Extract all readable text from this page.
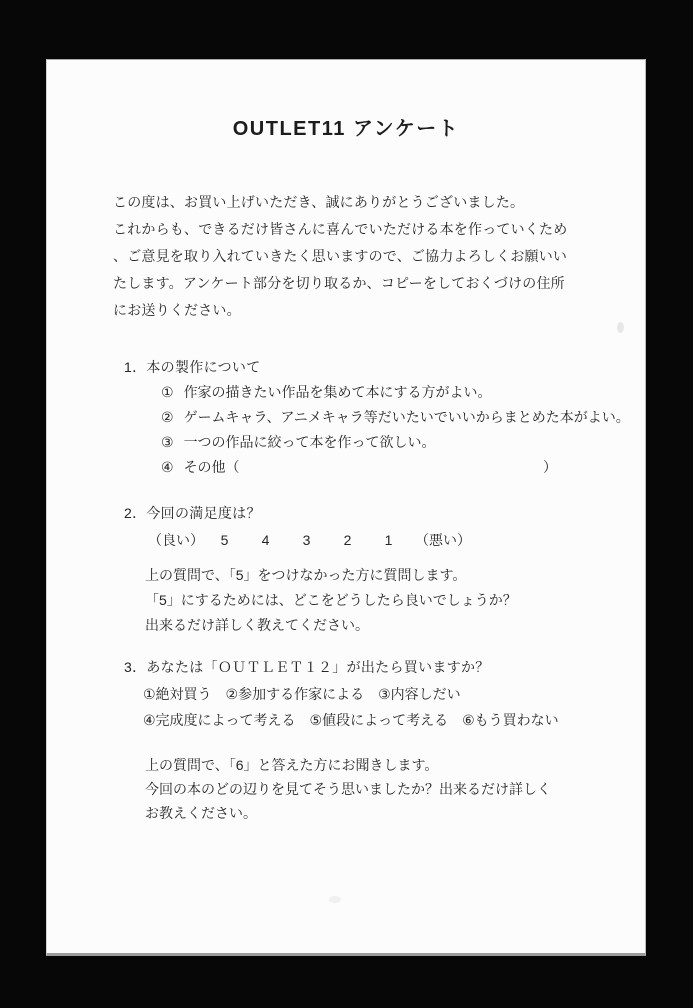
OUTLET11 アンケート
この度は、お買い上げいただき、誠にありがとうございました。
これからも、できるだけ皆さんに喜んでいただける本を作っていくため
、ご意見を取り入れていきたく思いますので、ご協力よろしくお願いい
たします。アンケート部分を切り取るか、コピーをしておくづけの住所
にお送りください。
1．本の製作について
① 作家の描きたい作品を集めて本にする方がよい。
② ゲームキャラ、アニメキャラ等だいたいでいいからまとめた本がよい。
③ 一つの作品に絞って本を作って欲しい。
④ その他（	）
2．今回の満足度は？
（良い）	5	4	3	2	1	（悪い）
上の質問で、「5」をつけなかった方に質問します。
「5」にするためには、どこをどうしたら良いでしょうか？
出来るだけ詳しく教えてください。
3．あなたは「ＯＵＴＬＥＴ１２」が出たら買いますか？
①絶対買う　②参加する作家による　③内容しだい
④完成度によって考える　⑤値段によって考える　⑥もう買わない
上の質問で、「6」と答えた方にお聞きします。
今回の本のどの辺りを見てそう思いましたか？出来るだけ詳しく
お教えください。
